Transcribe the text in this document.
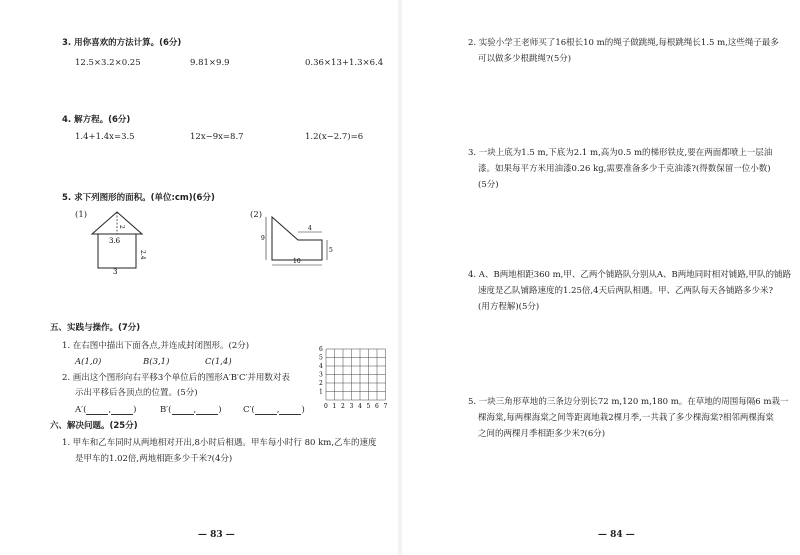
3. 用你喜欢的方法计算。(6分)
12.5×3.2×0.25	9.81×9.9	0.36×13+1.3×6.4
4. 解方程。(6分)
1.4+1.4x=3.5	12x−9x=8.7	1.2(x−2.7)=6
5. 求下列图形的面积。(单位:cm)(6分)
(1)
3.6
3
2.4
2
(2)
9
4
5
10
五、实践与操作。(7分)
1. 在右图中描出下面各点,并连成封闭图形。(2分)
A(1,0)	B(3,1)	C(1,4)
2. 画出这个图形向右平移3个单位后的图形A′B′C′并用数对表
示出平移后各顶点的位置。(5分)
A′(	,	)	B′(	,	)	C′(	,	)	0 1 2 3 4 5 6 7
1
2
3
4
5
6
六、解决问题。(25分)
1. 甲车和乙车同时从两地相对开出,8小时后相遇。甲车每小时行 80 km,乙车的速度
是甲车的1.02倍,两地相距多少千米?(4分)
— 83 —
2. 实验小学王老师买了16根长10 m的绳子做跳绳,每根跳绳长1.5 m,这些绳子最多
可以做多少根跳绳?(5分)
3. 一块上底为1.5 m,下底为2.1 m,高为0.5 m的梯形铁皮,要在两面都喷上一层油
漆。如果每平方米用油漆0.26 kg,需要准备多少千克油漆?(得数保留一位小数)
(5分)
4. A、B两地相距360 m,甲、乙两个铺路队分别从A、B两地同时相对铺路,甲队的铺路
速度是乙队铺路速度的1.25倍,4天后两队相遇。甲、乙两队每天各铺路多少米?
(用方程解)(5分)
5. 一块三角形草地的三条边分别长72 m,120 m,180 m。在草地的周围每隔6 m栽一
棵海棠,每两棵海棠之间等距离地栽2棵月季,一共栽了多少棵海棠?相邻两棵海棠
之间的两棵月季相距多少米?(6分)
— 84 —
